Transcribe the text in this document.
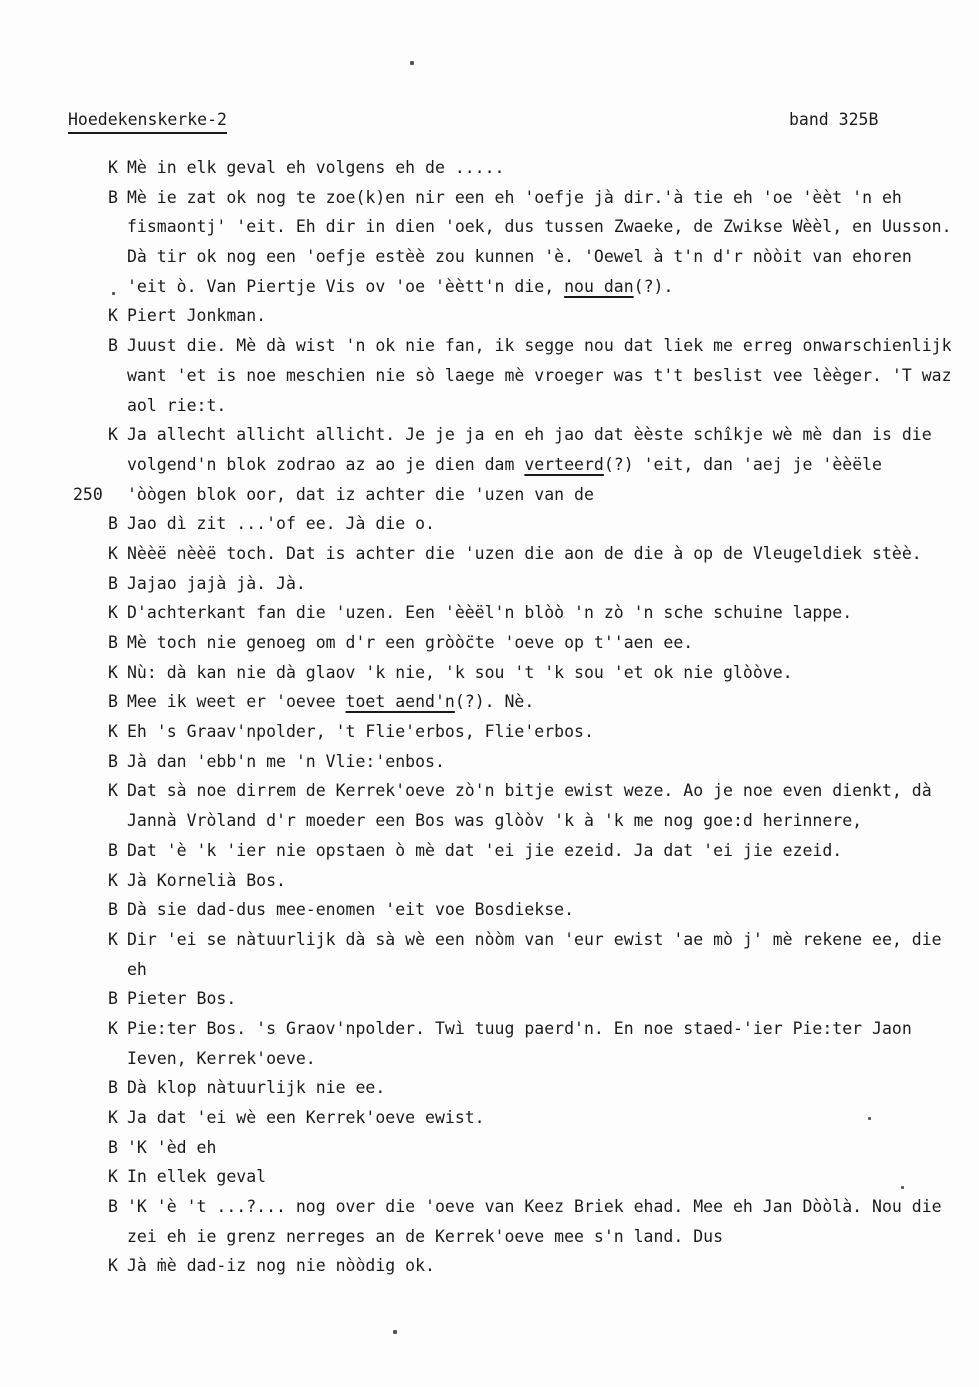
Hoedekenskerke-2	band 325B
K Mè in elk geval eh volgens eh de .....
B Mè ie zat ok nog te zoe(k)en nir een eh 'oefje jà dir.'à tie eh 'oe 'èèt 'n eh
fismaontj' 'eit. Eh dir in dien 'oek, dus tussen Zwaeke, de Zwikse Wèèl, en Uusson.
Dà tir ok nog een 'oefje estèè zou kunnen 'è. 'Oewel à t'n d'r nòòit van ehoren
'eit ò. Van Piertje Vis ov 'oe 'èètt'n die, nou dan(?).
K Piert Jonkman.
B Juust die. Mè dà wist 'n ok nie fan, ik segge nou dat liek me erreg onwarschienlijk
want 'et is noe meschien nie sò laege mè vroeger was t't beslist vee lèèger. 'T waz
aol rie:t.
K Ja allecht allicht allicht. Je je ja en eh jao dat èèste schîkje wè mè dan is die
volgend'n blok zodrao az ao je dien dam verteerd(?) 'eit, dan 'aej je 'èèële
250 'òògen blok oor, dat iz achter die 'uzen van de
B Jao dì zit ...'of ee. Jà die o.
K Nèèë nèèë toch. Dat is achter die 'uzen die aon de die à op de Vleugeldiek stèè.
B Jajao jajà jà. Jà.
K D'achterkant fan die 'uzen. Een 'èèël'n blòò 'n zò 'n sche schuine lappe.
B Mè toch nie genoeg om d'r een gròòc̈te 'oeve op t''aen ee.
K Nù: dà kan nie dà glaov 'k nie, 'k sou 't 'k sou 'et ok nie glòòve.
B Mee ik weet er 'oevee toet aend'n(?). Nè.
K Eh 's Graav'npolder, 't Flie'erbos, Flie'erbos.
B Jà dan 'ebb'n me 'n Vlie:'enbos.
K Dat sà noe dirrem de Kerrek'oeve zò'n bitje ewist weze. Ao je noe even dienkt, dà
Jannà Vròland d'r moeder een Bos was glòòv 'k à 'k me nog goe:d herinnere,
B Dat 'è 'k 'ier nie opstaen ò mè dat 'ei jie ezeid. Ja dat 'ei jie ezeid.
K Jà Kornelià Bos.
B Dà sie dad-dus mee-enomen 'eit voe Bosdiekse.
K Dir 'ei se nàtuurlijk dà sà wè een nòòm van 'eur ewist 'ae mò j' mè rekene ee, die
eh
B Pieter Bos.
K Pie:ter Bos. 's Graov'npolder. Twì tuug paerd'n. En noe staed-'ier Pie:ter Jaon
Ieven, Kerrek'oeve.
B Dà klop nàtuurlijk nie ee.
K Ja dat 'ei wè een Kerrek'oeve ewist.
B 'K 'èd eh
K In ellek geval
B 'K 'è 't ...?... nog over die 'oeve van Keez Briek ehad. Mee eh Jan Dòòlà. Nou die
zei eh ie grenz nerreges an de Kerrek'oeve mee s'n land. Dus
K Jà ṁè dad-iz nog nie nòòdig ok.
